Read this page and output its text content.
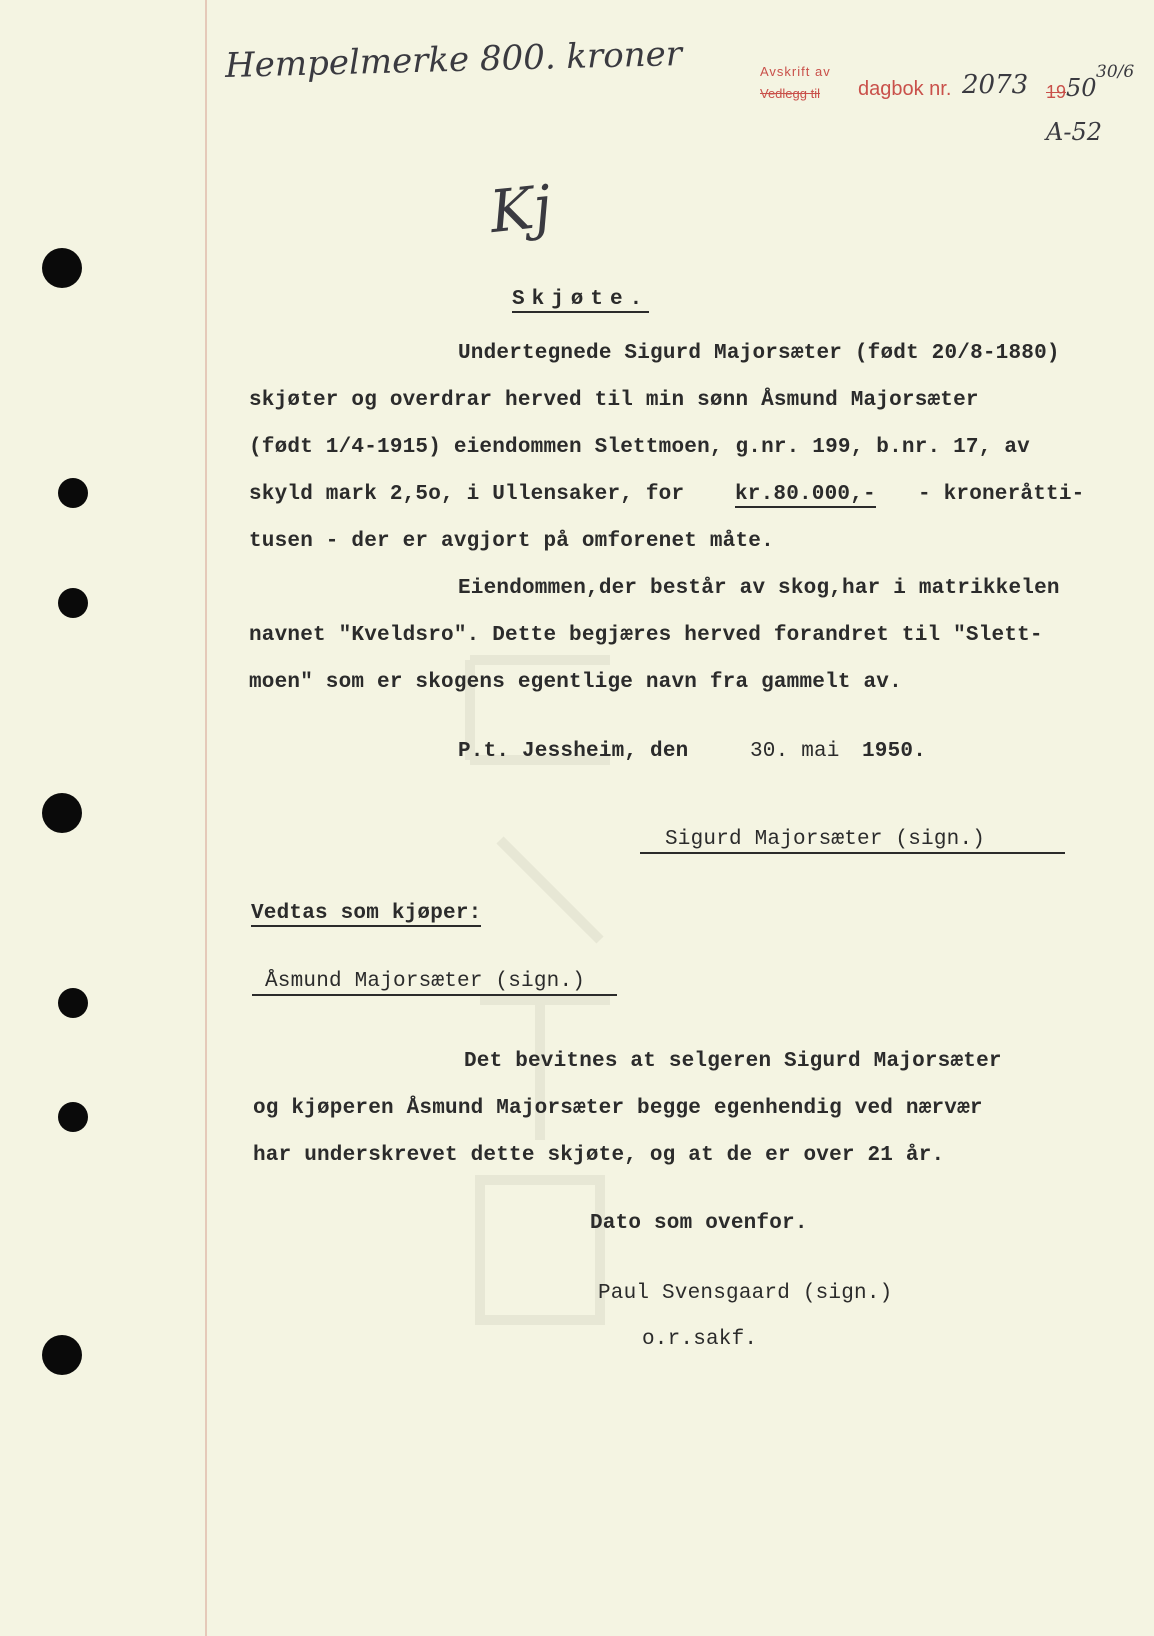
Hempelmerke 800. kroner	Avskrift av
Vedlegg til dagbok nr. 2073 19 50
30/6
A-52
Kj
Skjøte.
Undertegnede Sigurd Majorsæter (født 20/8-1880)
skjøter og overdrar herved til min sønn Åsmund Majorsæter
(født 1/4-1915) eiendommen Slettmoen, g.nr. 199, b.nr. 17, av
skyld mark 2,5o, i Ullensaker, for kr.80.000,- - kroneråtti-
tusen - der er avgjort på omforenet måte.
Eiendommen,der består av skog,har i matrikkelen
navnet "Kveldsro". Dette begjæres herved forandret til "Slett-
moen" som er skogens egentlige navn fra gammelt av.
P.t. Jessheim, den	30. mai 1950.
Sigurd Majorsæter (sign.)
Vedtas som kjøper:
Åsmund Majorsæter (sign.)
Det bevitnes at selgeren Sigurd Majorsæter
og kjøperen Åsmund Majorsæter begge egenhendig ved nærvær
har underskrevet dette skjøte, og at de er over 21 år.
Dato som ovenfor.
Paul Svensgaard (sign.)
o.r.sakf.
